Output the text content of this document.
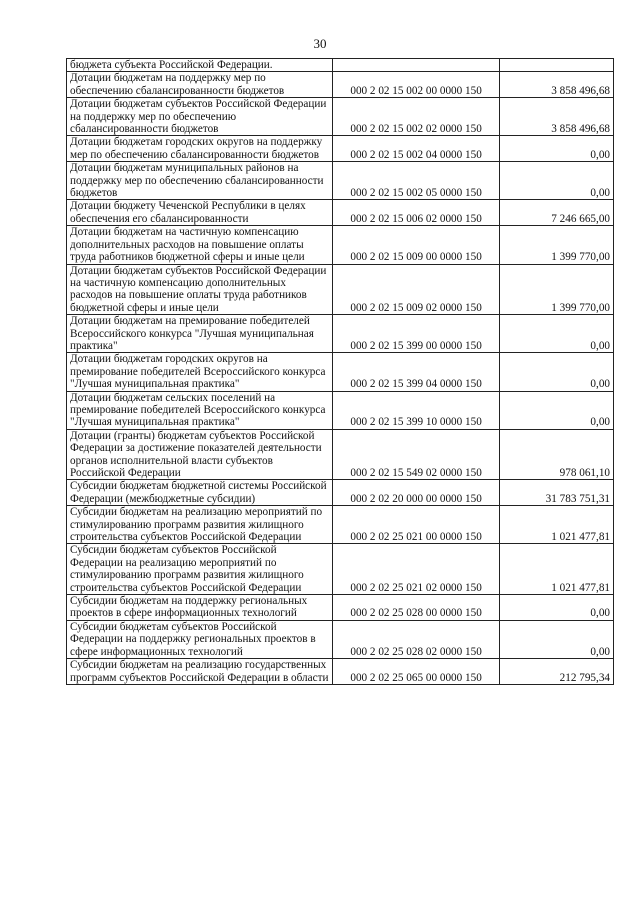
30
бюджета субъекта Российской Федерации.		
Дотации бюджетам на поддержку мер по обеспечению сбалансированности бюджетов	000 2 02 15 002 00 0000 150	3 858 496,68
Дотации бюджетам субъектов Российской Федерации на поддержку мер по обеспечению сбалансированности бюджетов	000 2 02 15 002 02 0000 150	3 858 496,68
Дотации бюджетам городских округов на поддержку мер по обеспечению сбалансированности бюджетов	000 2 02 15 002 04 0000 150	0,00
Дотации бюджетам муниципальных районов на поддержку мер по обеспечению сбалансированности бюджетов	000 2 02 15 002 05 0000 150	0,00
Дотации бюджету Чеченской Республики в целях обеспечения его сбалансированности	000 2 02 15 006 02 0000 150	7 246 665,00
Дотации бюджетам на частичную компенсацию дополнительных расходов на повышение оплаты труда работников бюджетной сферы и иные цели	000 2 02 15 009 00 0000 150	1 399 770,00
Дотации бюджетам субъектов Российской Федерации на частичную компенсацию дополнительных расходов на повышение оплаты труда работников бюджетной сферы и иные цели	000 2 02 15 009 02 0000 150	1 399 770,00
Дотации бюджетам на премирование победителей Всероссийского конкурса "Лучшая муниципальная практика"	000 2 02 15 399 00 0000 150	0,00
Дотации бюджетам городских округов на премирование победителей Всероссийского конкурса "Лучшая муниципальная практика"	000 2 02 15 399 04 0000 150	0,00
Дотации бюджетам сельских поселений на премирование победителей Всероссийского конкурса "Лучшая муниципальная практика"	000 2 02 15 399 10 0000 150	0,00
Дотации (гранты) бюджетам субъектов Российской Федерации за достижение показателей деятельности органов исполнительной власти субъектов Российской Федерации	000 2 02 15 549 02 0000 150	978 061,10
Субсидии бюджетам бюджетной системы Российской Федерации (межбюджетные субсидии)	000 2 02 20 000 00 0000 150	31 783 751,31
Субсидии бюджетам на реализацию мероприятий по стимулированию программ развития жилищного строительства субъектов Российской Федерации	000 2 02 25 021 00 0000 150	1 021 477,81
Субсидии бюджетам субъектов Российской Федерации на реализацию мероприятий по стимулированию программ развития жилищного строительства субъектов Российской Федерации	000 2 02 25 021 02 0000 150	1 021 477,81
Субсидии бюджетам на поддержку региональных проектов в сфере информационных технологий	000 2 02 25 028 00 0000 150	0,00
Субсидии бюджетам субъектов Российской Федерации на поддержку региональных проектов в сфере информационных технологий	000 2 02 25 028 02 0000 150	0,00
Субсидии бюджетам на реализацию государственных программ субъектов Российской Федерации в области	000 2 02 25 065 00 0000 150	212 795,34
